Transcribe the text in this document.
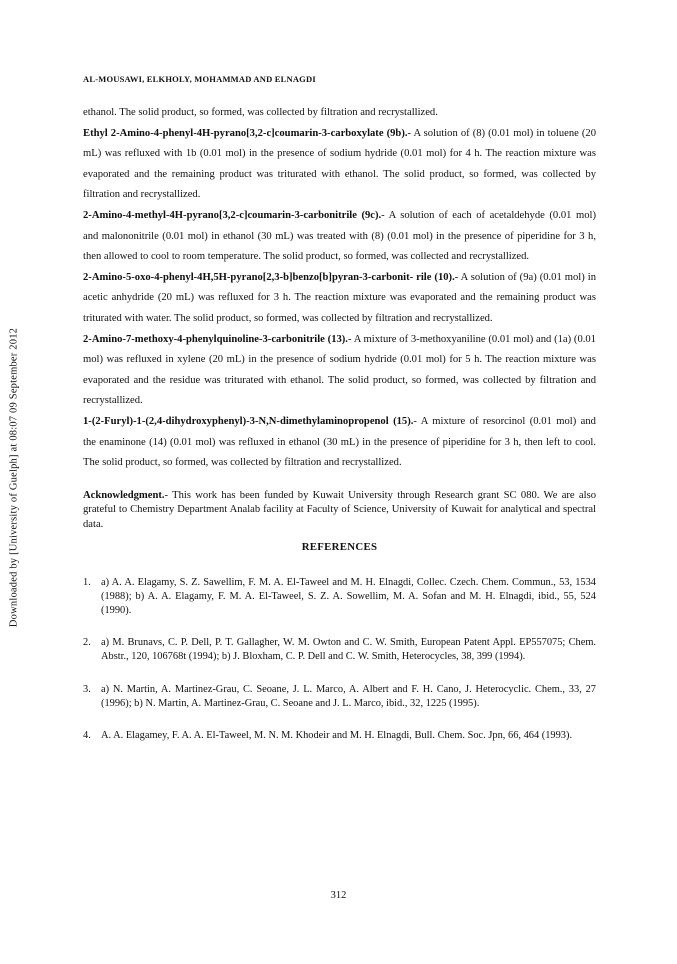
Downloaded by [University of Guelph] at 08:07 09 September 2012
AL-MOUSAWI, ELKHOLY, MOHAMMAD AND ELNAGDI

ethanol. The solid product, so formed, was collected by filtration and recrystallized.

Ethyl 2-Amino-4-phenyl-4H-pyrano[3,2-c]coumarin-3-carboxylate (9b).- A solution of (8) (0.01 mol) in toluene (20 mL) was refluxed with 1b (0.01 mol) in the presence of sodium hydride (0.01 mol) for 4 h. The reaction mixture was evaporated and the remaining product was triturated with ethanol. The solid product, so formed, was collected by filtration and recrystallized.

2-Amino-4-methyl-4H-pyrano[3,2-c]coumarin-3-carbonitrile (9c).- A solution of each of acetaldehyde (0.01 mol) and malononitrile (0.01 mol) in ethanol (30 mL) was treated with (8) (0.01 mol) in the presence of piperidine for 3 h, then allowed to cool to room temperature. The solid product, so formed, was collected and recrystallized.

2-Amino-5-oxo-4-phenyl-4H,5H-pyrano[2,3-b]benzo[b]pyran-3-carbonit- rile (10).- A solution of (9a) (0.01 mol) in acetic anhydride (20 mL) was refluxed for 3 h. The reaction mixture was evaporated and the remaining product was triturated with water. The solid product, so formed, was collected by filtration and recrystallized.

2-Amino-7-methoxy-4-phenylquinoline-3-carbonitrile (13).- A mixture of 3-methoxyaniline (0.01 mol) and (1a) (0.01 mol) was refluxed in xylene (20 mL) in the presence of sodium hydride (0.01 mol) for 5 h. The reaction mixture was evaporated and the residue was triturated with ethanol. The solid product, so formed, was collected by filtration and recrystallized.

1-(2-Furyl)-1-(2,4-dihydroxyphenyl)-3-N,N-dimethylaminopropenol (15).- A mixture of resorcinol (0.01 mol) and the enaminone (14) (0.01 mol) was refluxed in ethanol (30 mL) in the presence of piperidine for 3 h, then left to cool. The solid product, so formed, was collected by filtration and recrystallized.

Acknowledgment.- This work has been funded by Kuwait University through Research grant SC 080. We are also grateful to Chemistry Department Analab facility at Faculty of Science, University of Kuwait for analytical and spectral data.

REFERENCES
1. a) A. A. Elagamy, S. Z. Sawellim, F. M. A. El-Taweel and M. H. Elnagdi, Collec. Czech. Chem. Commun., 53, 1534 (1988); b) A. A. Elagamy, F. M. A. El-Taweel, S. Z. A. Sowellim, M. A. Sofan and M. H. Elnagdi, ibid., 55, 524 (1990).
2. a) M. Brunavs, C. P. Dell, P. T. Gallagher, W. M. Owton and C. W. Smith, European Patent Appl. EP557075; Chem. Abstr., 120, 106768t (1994); b) J. Bloxham, C. P. Dell and C. W. Smith, Heterocycles, 38, 399 (1994).
3. a) N. Martin, A. Martinez-Grau, C. Seoane, J. L. Marco, A. Albert and F. H. Cano, J. Heterocyclic. Chem., 33, 27 (1996); b) N. Martin, A. Martinez-Grau, C. Seoane and J. L. Marco, ibid., 32, 1225 (1995).
4. A. A. Elagamey, F. A. A. El-Taweel, M. N. M. Khodeir and M. H. Elnagdi, Bull. Chem. Soc. Jpn, 66, 464 (1993).
312
